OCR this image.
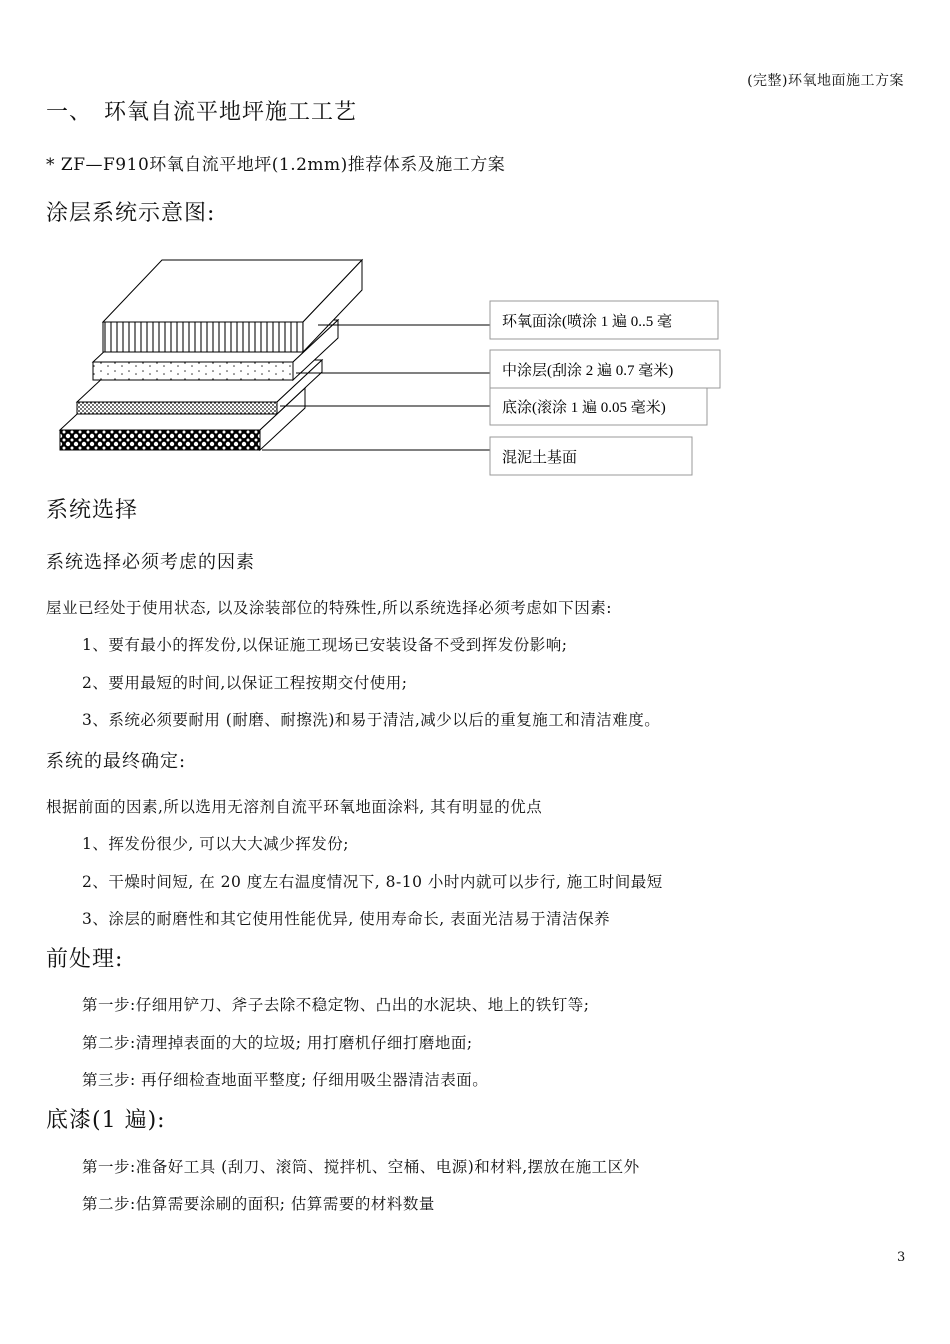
(完整)环氧地面施工方案
一、 环氧自流平地坪施工工艺
* ZF—F910环氧自流平地坪(1.2mm)推荐体系及施工方案
涂层系统示意图:
环氧面涂(喷涂 1 遍 0..5 毫
中涂层(刮涂 2 遍 0.7 毫米)
底涂(滚涂 1 遍 0.05 毫米)
混泥土基面
系统选择
系统选择必须考虑的因素
屋业已经处于使用状态, 以及涂装部位的特殊性,所以系统选择必须考虑如下因素:
1、要有最小的挥发份,以保证施工现场已安装设备不受到挥发份影响;
2、要用最短的时间,以保证工程按期交付使用;
3、系统必须要耐用 (耐磨、耐擦洗)和易于清洁,减少以后的重复施工和清洁难度。
系统的最终确定:
根据前面的因素,所以选用无溶剂自流平环氧地面涂料, 其有明显的优点
1、挥发份很少, 可以大大减少挥发份;
2、干燥时间短, 在 20 度左右温度情况下, 8-10 小时内就可以步行, 施工时间最短
3、涂层的耐磨性和其它使用性能优异, 使用寿命长, 表面光洁易于清洁保养
前处理:
第一步:仔细用铲刀、斧子去除不稳定物、凸出的水泥块、地上的铁钉等;
第二步:清理掉表面的大的垃圾; 用打磨机仔细打磨地面;
第三步: 再仔细检查地面平整度; 仔细用吸尘器清洁表面。
底漆(1 遍):
第一步:准备好工具 (刮刀、滚筒、搅拌机、空桶、电源)和材料,摆放在施工区外
第二步:估算需要涂刷的面积; 估算需要的材料数量
3
